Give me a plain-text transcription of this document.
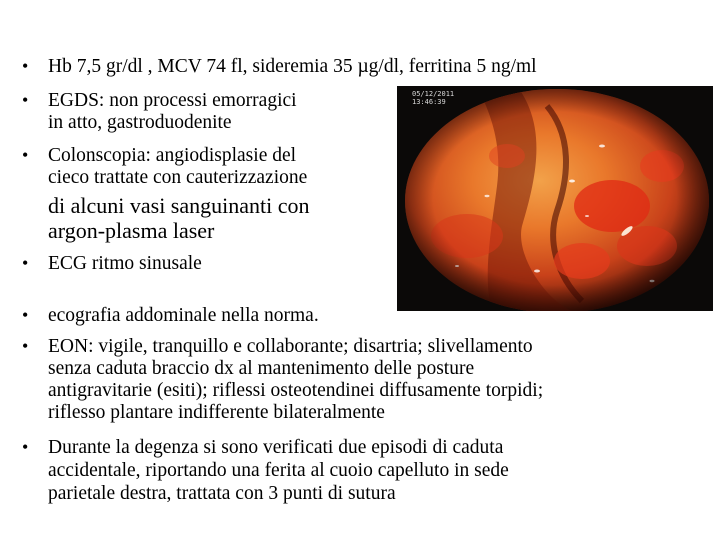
•
•
•
•
•
•
•
Hb 7,5 gr/dl , MCV 74 fl, sideremia 35 µg/dl, ferritina 5 ng/ml
EGDS: non processi emorragici
in atto, gastroduodenite
Colonscopia: angiodisplasie del
cieco trattate con cauterizzazione
di alcuni vasi sanguinanti con
argon-plasma laser
ECG ritmo sinusale
ecografia addominale nella norma.
EON: vigile, tranquillo e collaborante; disartria; slivellamento
senza caduta braccio dx al mantenimento delle posture
antigravitarie (esiti); riflessi osteotendinei diffusamente torpidi;
riflesso plantare indifferente bilateralmente
Durante la degenza si sono verificati due episodi di caduta
accidentale, riportando una ferita al cuoio capelluto in sede
parietale destra, trattata con 3 punti di sutura
05/12/2011
13:46:39
